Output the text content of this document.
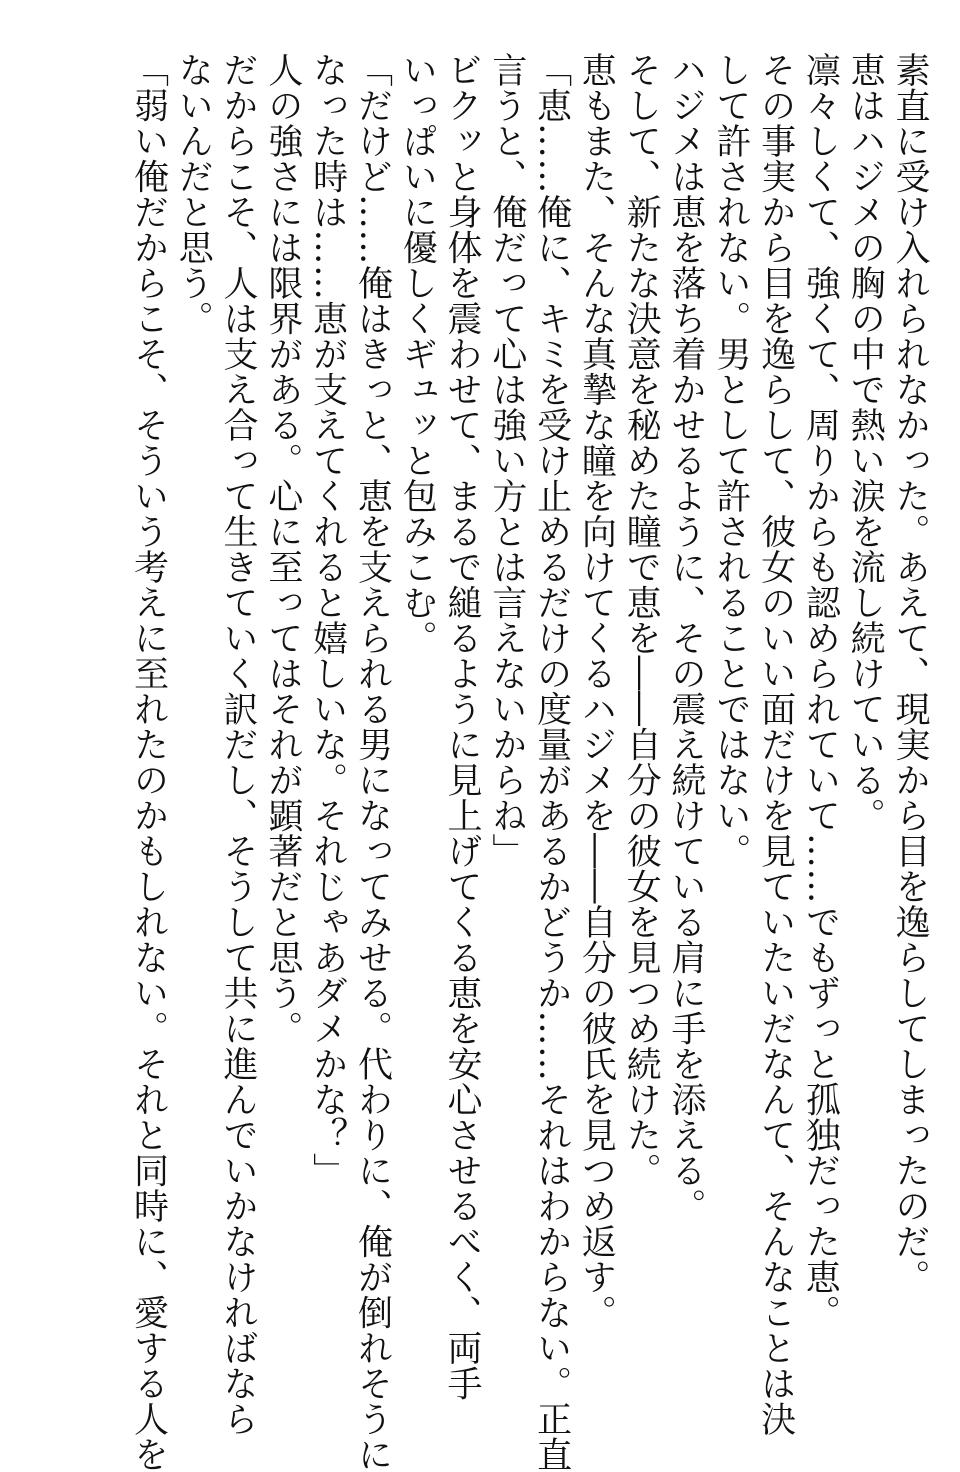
素直に受け入れられなかった。あえて、現実から目を逸らしてしまったのだ。
恵はハジメの胸の中で熱い涙を流し続けている。
凛々しくて、強くて、周りからも認められていて……でもずっと孤独だった恵。
その事実から目を逸らして、彼女のいい面だけを見ていたいだなんて、そんなことは決
して許されない。男として許されることではない。
ハジメは恵を落ち着かせるように、その震え続けている肩に手を添える。
そして、新たな決意を秘めた瞳で恵を――自分の彼女を見つめ続けた。
恵もまた、そんな真摯な瞳を向けてくるハジメを――自分の彼氏を見つめ返す。
「恵……俺に、キミを受け止めるだけの度量があるかどうか……それはわからない。正直
言うと、俺だって心は強い方とは言えないからね」
ビクッと身体を震わせて、まるで縋るように見上げてくる恵を安心させるべく、両手
いっぱいに優しくギュッと包みこむ。
「だけど……俺はきっと、恵を支えられる男になってみせる。代わりに、俺が倒れそうに
なった時は……恵が支えてくれると嬉しいな。それじゃあダメかな？」
人の強さには限界がある。心に至ってはそれが顕著だと思う。
だからこそ、人は支え合って生きていく訳だし、そうして共に進んでいかなければなら
ないんだと思う。
「弱い俺だからこそ、そういう考えに至れたのかもしれない。それと同時に、愛する人を
